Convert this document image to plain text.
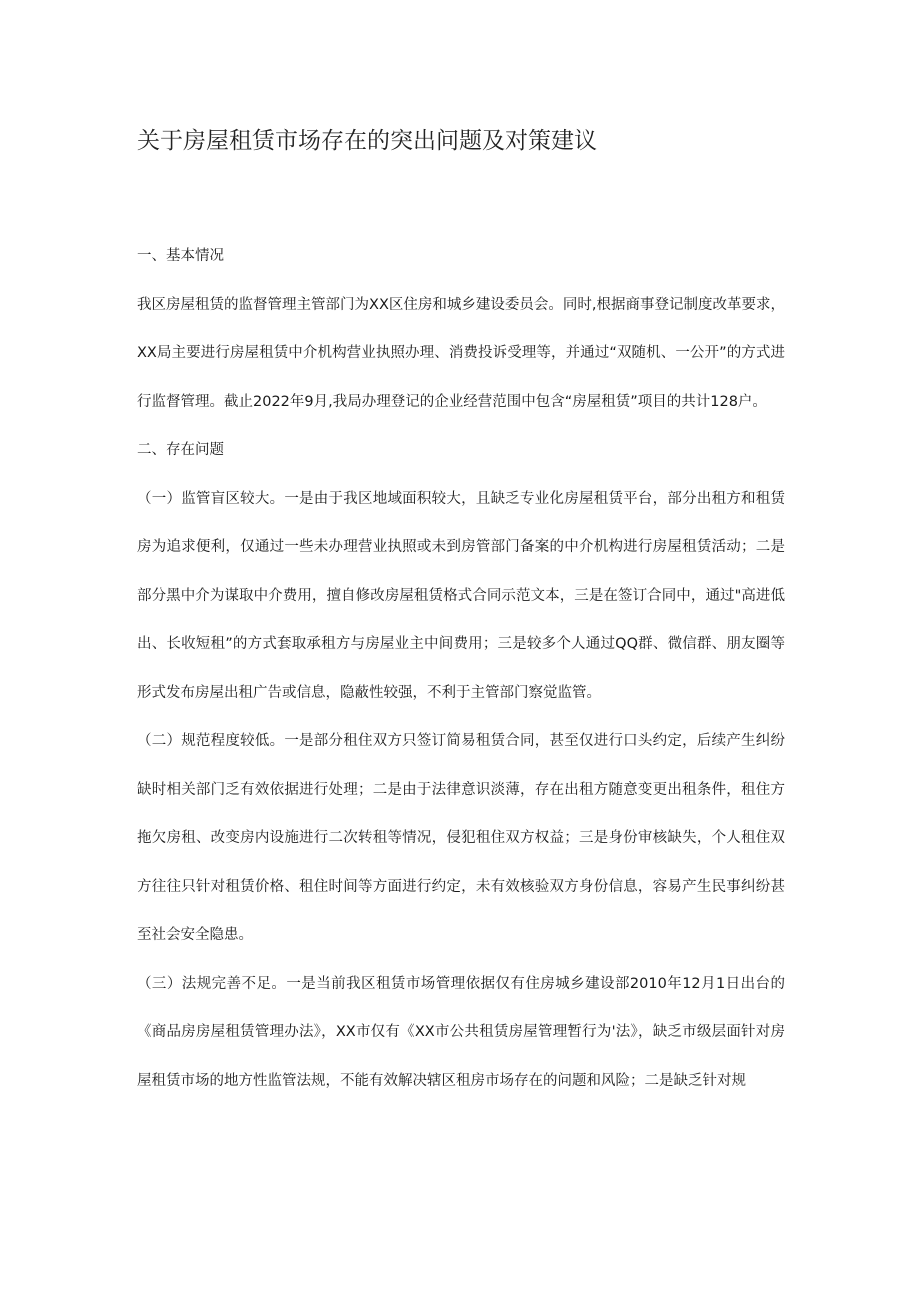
关于房屋租赁市场存在的突出问题及对策建议
一、基本情况

我区房屋租赁的监督管理主管部门为XX区住房和城乡建设委员会。同时,根据商事登记制度改革要求，XX局主要进行房屋租赁中介机构营业执照办理、消费投诉受理等，并通过“双随机、一公开”的方式进行监督管理。截止2022年9月,我局办理登记的企业经营范围中包含“房屋租赁”项目的共计128户。

二、存在问题

（一）监管盲区较大。一是由于我区地域面积较大，且缺乏专业化房屋租赁平台，部分出租方和租赁房为追求便利，仅通过一些未办理营业执照或未到房管部门备案的中介机构进行房屋租赁活动；二是部分黑中介为谋取中介费用，擅自修改房屋租赁格式合同示范文本，三是在签订合同中，通过"高进低出、长收短租”的方式套取承租方与房屋业主中间费用；三是较多个人通过QQ群、微信群、朋友圈等形式发布房屋出租广告或信息，隐蔽性较强，不利于主管部门察觉监管。

（二）规范程度较低。一是部分租住双方只签订简易租赁合同，甚至仅进行口头约定，后续产生纠纷缺时相关部门乏有效依据进行处理；二是由于法律意识淡薄，存在出租方随意变更出租条件，租住方拖欠房租、改变房内设施进行二次转租等情况，侵犯租住双方权益；三是身份审核缺失，个人租住双方往往只针对租赁价格、租住时间等方面进行约定，未有效核验双方身份信息，容易产生民事纠纷甚至社会安全隐患。

（三）法规完善不足。一是当前我区租赁市场管理依据仅有住房城乡建设部2010年12月1日出台的《商品房房屋租赁管理办法》，XX市仅有《XX市公共租赁房屋管理暂行为'法》，缺乏市级层面针对房屋租赁市场的地方性监管法规，不能有效解决辖区租房市场存在的问题和风险；二是缺乏针对规
